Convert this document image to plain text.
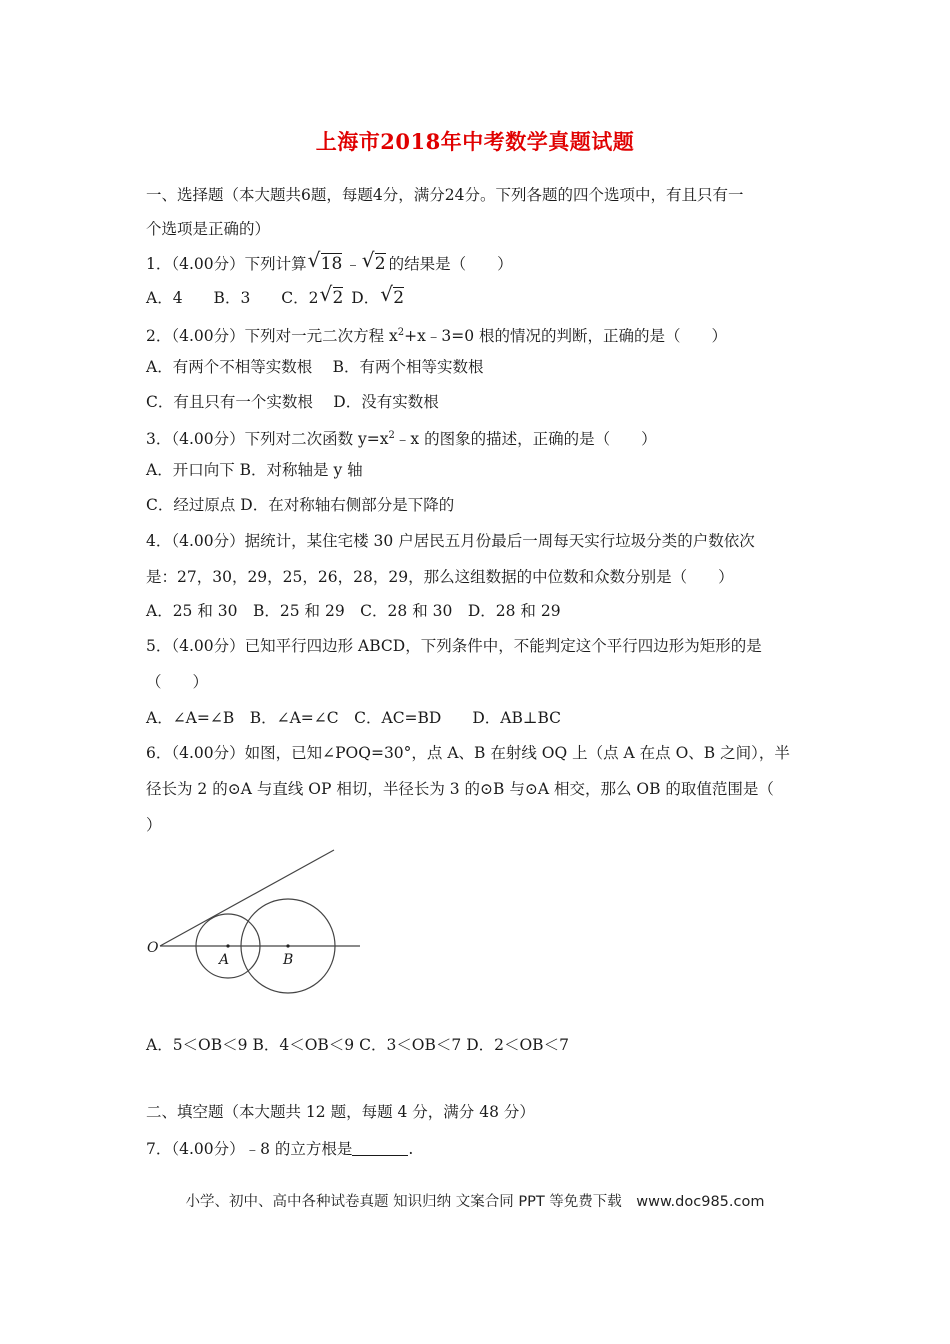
上海市2018年中考数学真题试题
一、选择题（本大题共6题，每题4分，满分24分。下列各题的四个选项中，有且只有一
个选项是正确的）
1．（4.00分）下列计算 √ 18 ﹣ √ 2 的结果是（　　）
A．4　　B．3　　C．2 √ 2 D． √ 2
2．（4.00分）下列对一元二次方程 $x^2+x﹣3=0$ 根的情况的判断，正确的是（　　）
A．有两个不相等实数根　 B．有两个相等实数根
C．有且只有一个实数根　 D．没有实数根
3．（4.00分）下列对二次函数 $y=x^2﹣x$ 的图象的描述，正确的是（　　）
A．开口向下 B．对称轴是 y 轴
C．经过原点 D．在对称轴右侧部分是下降的
4．（4.00分）据统计，某住宅楼 30 户居民五月份最后一周每天实行垃圾分类的户数依次
是：27，30，29，25，26，28，29，那么这组数据的中位数和众数分别是（　　）
A．25 和 30　B．25 和 29　C．28 和 30　D．28 和 29
5．（4.00分）已知平行四边形 ABCD，下列条件中，不能判定这个平行四边形为矩形的是
（　　）
A．∠A=∠B　B．∠A=∠C　C．AC=BD　　D．AB⊥BC
6．（4.00分）如图，已知∠POQ=30°，点 A、B 在射线 OQ 上（点 A 在点 O、B 之间），半
径长为 2 的⊙A 与直线 OP 相切，半径长为 3 的⊙B 与⊙A 相交，那么 OB 的取值范围是（
）
O
A	B
A．5＜OB＜9 B．4＜OB＜9 C．3＜OB＜7 D．2＜OB＜7
二、填空题（本大题共 12 题，每题 4 分，满分 48 分）
7．（4.00分）﹣8 的立方根是	.
小学、初中、高中各种试卷真题 知识归纳 文案合同 PPT 等免费下载　www.doc985.com
